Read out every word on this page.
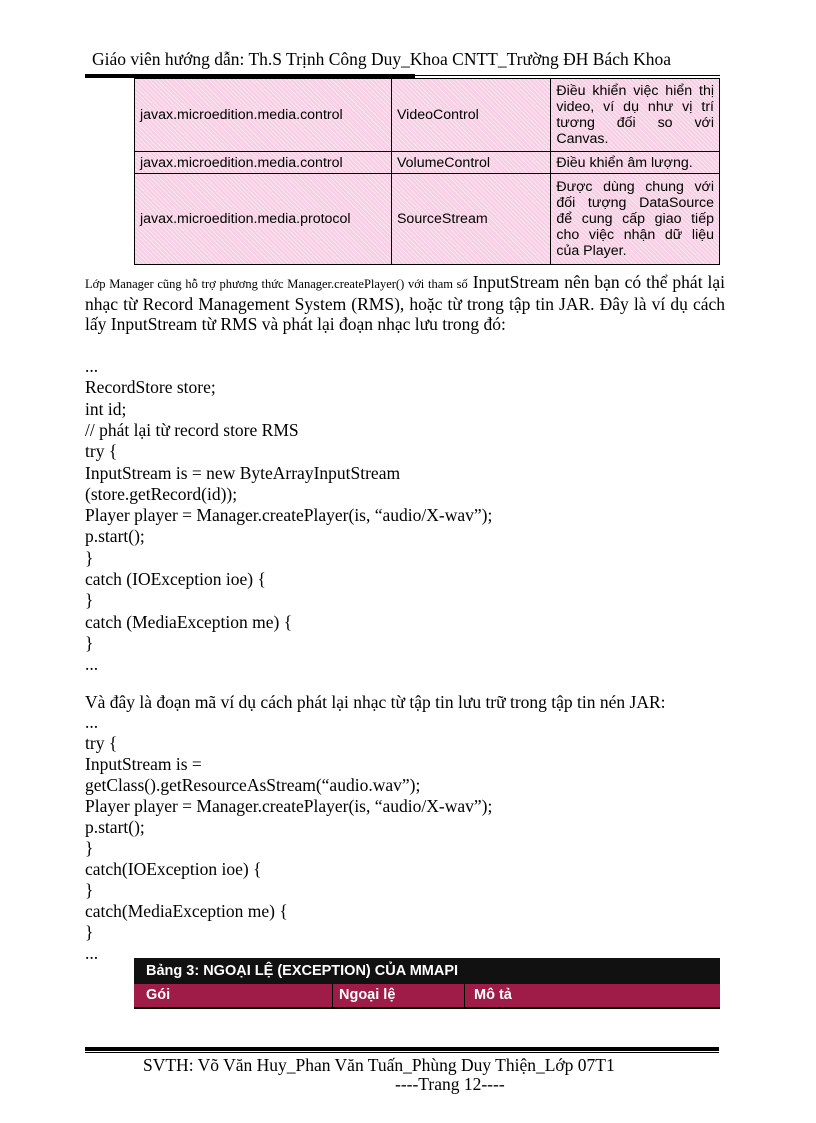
Giáo viên hướng dẫn: Th.S Trịnh Công Duy_Khoa CNTT_Trường ĐH Bách Khoa
javax.microedition.media.control	VideoControl	Điều khiển việc hiển thị video, ví dụ như vị trí tương đối so với Canvas.
javax.microedition.media.control	VolumeControl	Điều khiển âm lượng.
javax.microedition.media.protocol	SourceStream	Được dùng chung với đối tượng DataSource để cung cấp giao tiếp cho việc nhận dữ liệu của Player.
Lớp Manager cũng hỗ trợ phương thức Manager.createPlayer() với tham số InputStream nên bạn có thể phát lại nhạc từ Record Management System (RMS), hoặc từ trong tập tin JAR. Đây là ví dụ cách lấy InputStream từ RMS và phát lại đoạn nhạc lưu trong đó:
...
RecordStore store;
int id;
// phát lại từ record store RMS
try {
InputStream is = new ByteArrayInputStream
(store.getRecord(id));
Player player = Manager.createPlayer(is, “audio/X-wav”);
p.start();
}
catch (IOException ioe) {
}
catch (MediaException me) {
}
...
Và đây là đoạn mã ví dụ cách phát lại nhạc từ tập tin lưu trữ trong tập tin nén JAR:
...
try {
InputStream is =
getClass().getResourceAsStream(“audio.wav”);
Player player = Manager.createPlayer(is, “audio/X-wav”);
p.start();
}
catch(IOException ioe) {
}
catch(MediaException me) {
}
...
Bảng 3: NGOẠI LỆ (EXCEPTION) CỦA MMAPI
Gói	Ngoại lệ	Mô tả
SVTH: Võ Văn Huy_Phan Văn Tuấn_Phùng Duy Thiện_Lớp 07T1
----Trang 12----
